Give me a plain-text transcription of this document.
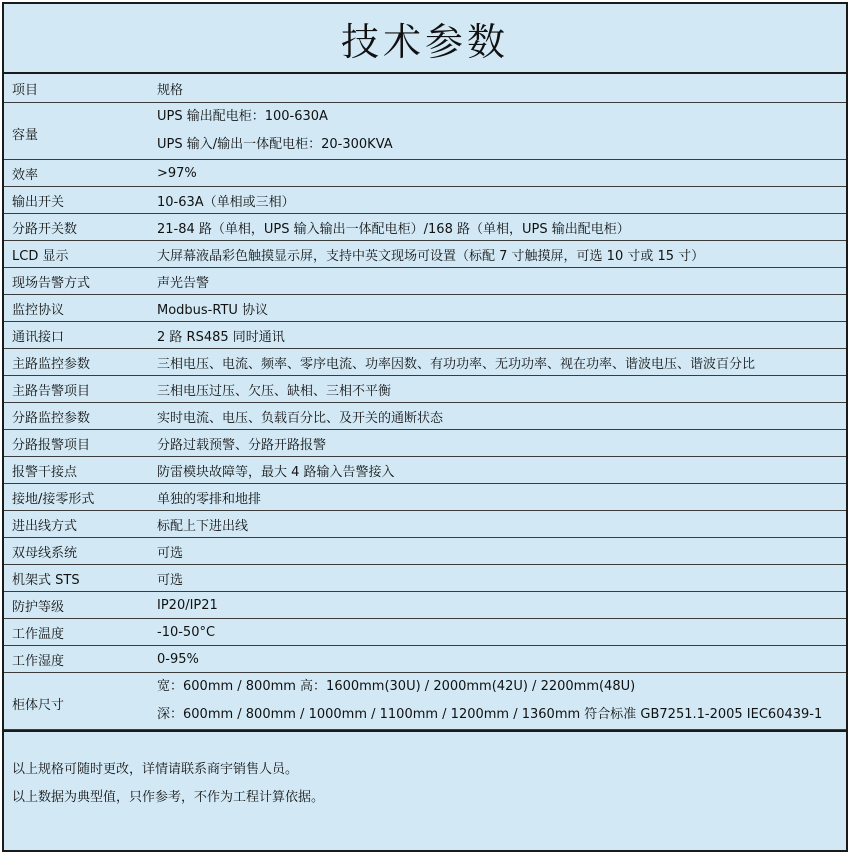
技术参数
项目	规格
容量	UPS 输出配电柜：100-630A
UPS 输入/输出一体配电柜：20-300KVA

效率	>97%
输出开关	10-63A（单相或三相）
分路开关数	21-84 路（单相，UPS 输入输出一体配电柜）/168 路（单相，UPS 输出配电柜）
LCD 显示	大屏幕液晶彩色触摸显示屏，支持中英文现场可设置（标配 7 寸触摸屏，可选 10 寸或 15 寸）
现场告警方式	声光告警
监控协议	Modbus-RTU 协议
通讯接口	2 路 RS485 同时通讯
主路监控参数	三相电压、电流、频率、零序电流、功率因数、有功功率、无功功率、视在功率、谐波电压、谐波百分比
主路告警项目	三相电压过压、欠压、缺相、三相不平衡
分路监控参数	实时电流、电压、负载百分比、及开关的通断状态
分路报警项目	分路过载预警、分路开路报警
报警干接点	防雷模块故障等，最大 4 路输入告警接入
接地/接零形式	单独的零排和地排
进出线方式	标配上下进出线
双母线系统	可选
机架式 STS	可选
防护等级	IP20/IP21
工作温度	-10-50°C
工作湿度	0-95%
柜体尺寸	宽：600mm / 800mm 高：1600mm(30U) / 2000mm(42U) / 2200mm(48U)
深：600mm / 800mm / 1000mm / 1100mm / 1200mm / 1360mm 符合标准 GB7251.1-2005 IEC60439-1
以上规格可随时更改，详情请联系商宇销售人员。
以上数据为典型值，只作参考，不作为工程计算依据。
